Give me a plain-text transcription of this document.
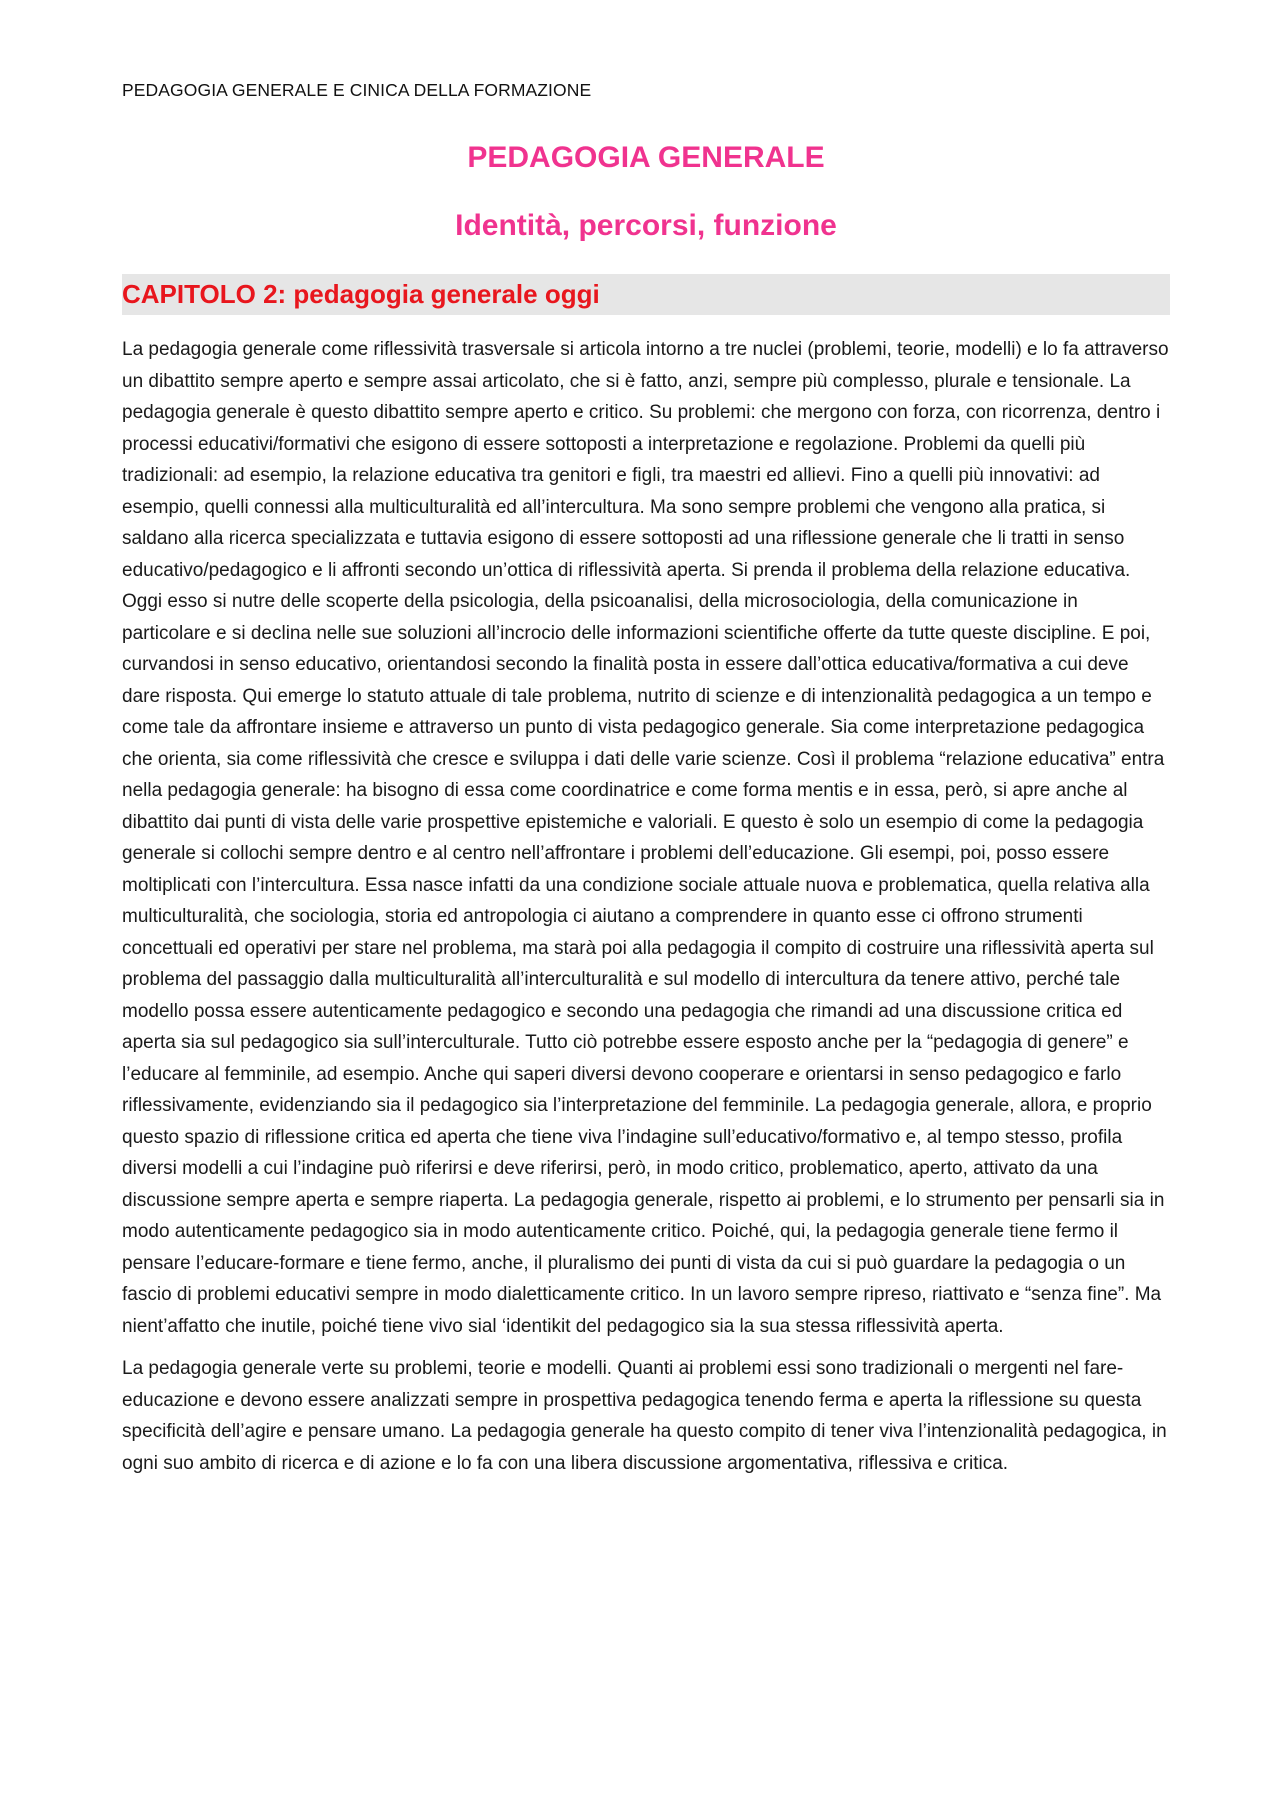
PEDAGOGIA GENERALE E CINICA DELLA FORMAZIONE
PEDAGOGIA GENERALE
Identità, percorsi, funzione
CAPITOLO 2: pedagogia generale oggi

La pedagogia generale come riflessività trasversale si articola intorno a tre nuclei (problemi, teorie, modelli) e lo fa attraverso un dibattito sempre aperto e sempre assai articolato, che si è fatto, anzi, sempre più complesso, plurale e tensionale. La pedagogia generale è questo dibattito sempre aperto e critico. Su problemi: che mergono con forza, con ricorrenza, dentro i processi educativi/formativi che esigono di essere sottoposti a interpretazione e regolazione. Problemi da quelli più tradizionali: ad esempio, la relazione educativa tra genitori e figli, tra maestri ed allievi. Fino a quelli più innovativi: ad esempio, quelli connessi alla multiculturalità ed all’intercultura. Ma sono sempre problemi che vengono alla pratica, si saldano alla ricerca specializzata e tuttavia esigono di essere sottoposti ad una riflessione generale che li tratti in senso educativo/pedagogico e li affronti secondo un’ottica di riflessività aperta. Si prenda il problema della relazione educativa. Oggi esso si nutre delle scoperte della psicologia, della psicoanalisi, della microsociologia, della comunicazione in particolare e si declina nelle sue soluzioni all’incrocio delle informazioni scientifiche offerte da tutte queste discipline. E poi, curvandosi in senso educativo, orientandosi secondo la finalità posta in essere dall’ottica educativa/formativa a cui deve dare risposta. Qui emerge lo statuto attuale di tale problema, nutrito di scienze e di intenzionalità pedagogica a un tempo e come tale da affrontare insieme e attraverso un punto di vista pedagogico generale. Sia come interpretazione pedagogica che orienta, sia come riflessività che cresce e sviluppa i dati delle varie scienze. Così il problema “relazione educativa” entra nella pedagogia generale: ha bisogno di essa come coordinatrice e come forma mentis e in essa, però, si apre anche al dibattito dai punti di vista delle varie prospettive epistemiche e valoriali. E questo è solo un esempio di come la pedagogia generale si collochi sempre dentro e al centro nell’affrontare i problemi dell’educazione. Gli esempi, poi, posso essere moltiplicati con l’intercultura. Essa nasce infatti da una condizione sociale attuale nuova e problematica, quella relativa alla multiculturalità, che sociologia, storia ed antropologia ci aiutano a comprendere in quanto esse ci offrono strumenti concettuali ed operativi per stare nel problema, ma starà poi alla pedagogia il compito di costruire una riflessività aperta sul problema del passaggio dalla multiculturalità all’interculturalità e sul modello di intercultura da tenere attivo, perché tale modello possa essere autenticamente pedagogico e secondo una pedagogia che rimandi ad una discussione critica ed aperta sia sul pedagogico sia sull’interculturale. Tutto ciò potrebbe essere esposto anche per la “pedagogia di genere” e l’educare al femminile, ad esempio. Anche qui saperi diversi devono cooperare e orientarsi in senso pedagogico e farlo riflessivamente, evidenziando sia il pedagogico sia l’interpretazione del femminile. La pedagogia generale, allora, e proprio questo spazio di riflessione critica ed aperta che tiene viva l’indagine sull’educativo/formativo e, al tempo stesso, profila diversi modelli a cui l’indagine può riferirsi e deve riferirsi, però, in modo critico, problematico, aperto, attivato da una discussione sempre aperta e sempre riaperta. La pedagogia generale, rispetto ai problemi, e lo strumento per pensarli sia in modo autenticamente pedagogico sia in modo autenticamente critico. Poiché, qui, la pedagogia generale tiene fermo il pensare l’educare-formare e tiene fermo, anche, il pluralismo dei punti di vista da cui si può guardare la pedagogia o un fascio di problemi educativi sempre in modo dialetticamente critico. In un lavoro sempre ripreso, riattivato e “senza fine”. Ma nient’affatto che inutile, poiché tiene vivo sial ‘identikit del pedagogico sia la sua stessa riflessività aperta.

La pedagogia generale verte su problemi, teorie e modelli. Quanti ai problemi essi sono tradizionali o mergenti nel fare-educazione e devono essere analizzati sempre in prospettiva pedagogica tenendo ferma e aperta la riflessione su questa specificità dell’agire e pensare umano. La pedagogia generale ha questo compito di tener viva l’intenzionalità pedagogica, in ogni suo ambito di ricerca e di azione e lo fa con una libera discussione argomentativa, riflessiva e critica.
